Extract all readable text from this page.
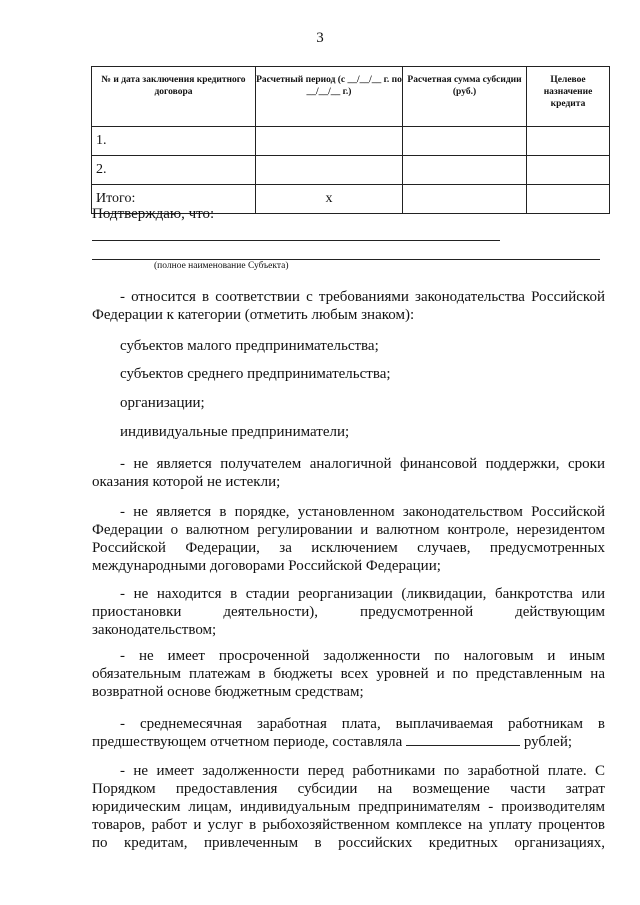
3
№ и дата заключения кредитного договора	Расчетный период (с __/__/__ г. по __/__/__ г.)	Расчетная сумма субсидии (руб.)	Целевое назначение кредита
1.			
2.			
Итого:	х		
Подтверждаю, что:
(полное наименование Субъекта)
- относится в соответствии с требованиями законодательства Российской
Федерации к категории (отметить любым знаком):
субъектов малого предпринимательства;
субъектов среднего предпринимательства;
организации;
индивидуальные предприниматели;
- не является получателем аналогичной финансовой поддержки, сроки
оказания которой не истекли;
- не является в порядке, установленном законодательством Российской
Федерации о валютном регулировании и валютном контроле, нерезидентом
Российской Федерации, за исключением случаев, предусмотренных
международными договорами Российской Федерации;
- не находится в стадии реорганизации (ликвидации, банкротства или
приостановки деятельности), предусмотренной действующим
законодательством;
- не имеет просроченной задолженности по налоговым и иным
обязательным платежам в бюджеты всех уровней и по представленным на
возвратной основе бюджетным средствам;
- среднемесячная заработная плата, выплачиваемая работникам в
предшествующем отчетном периоде, составляла	рублей;
- не имеет задолженности перед работниками по заработной плате. С
Порядком предоставления субсидии на возмещение части затрат
юридическим лицам, индивидуальным предпринимателям - производителям
товаров, работ и услуг в рыбохозяйственном комплексе на уплату процентов
по кредитам, привлеченным в российских кредитных организациях,
